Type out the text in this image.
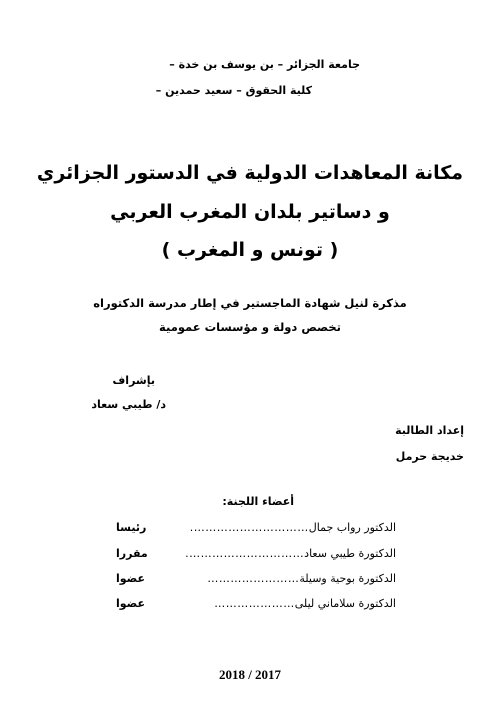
جامعة الجزائر – بن يوسف بن خدة –
كلية الحقوق – سعيد حمدين –
مكانة المعاهدات الدولية في الدستور الجزائري
و دساتير بلدان المغرب العربي
( تونس و المغرب )
مذكرة لنيل شهادة الماجستير في إطار مدرسة الدكتوراه
تخصص دولة و مؤسسات عمومية
بإشراف
د/ طيبي سعاد
إعداد الطالبة
خديجة حرمل
أعضاء اللجنة:
الدكتور رواب جمال
………………………….
رئيسا
الدكتورة طيبي سعاد
………………………….
مقررا
الدكتورة بوحية وسيلة
……………………
عضوا
الدكتورة سلاماني ليلى
…………………
عضوا
2018 / 2017
